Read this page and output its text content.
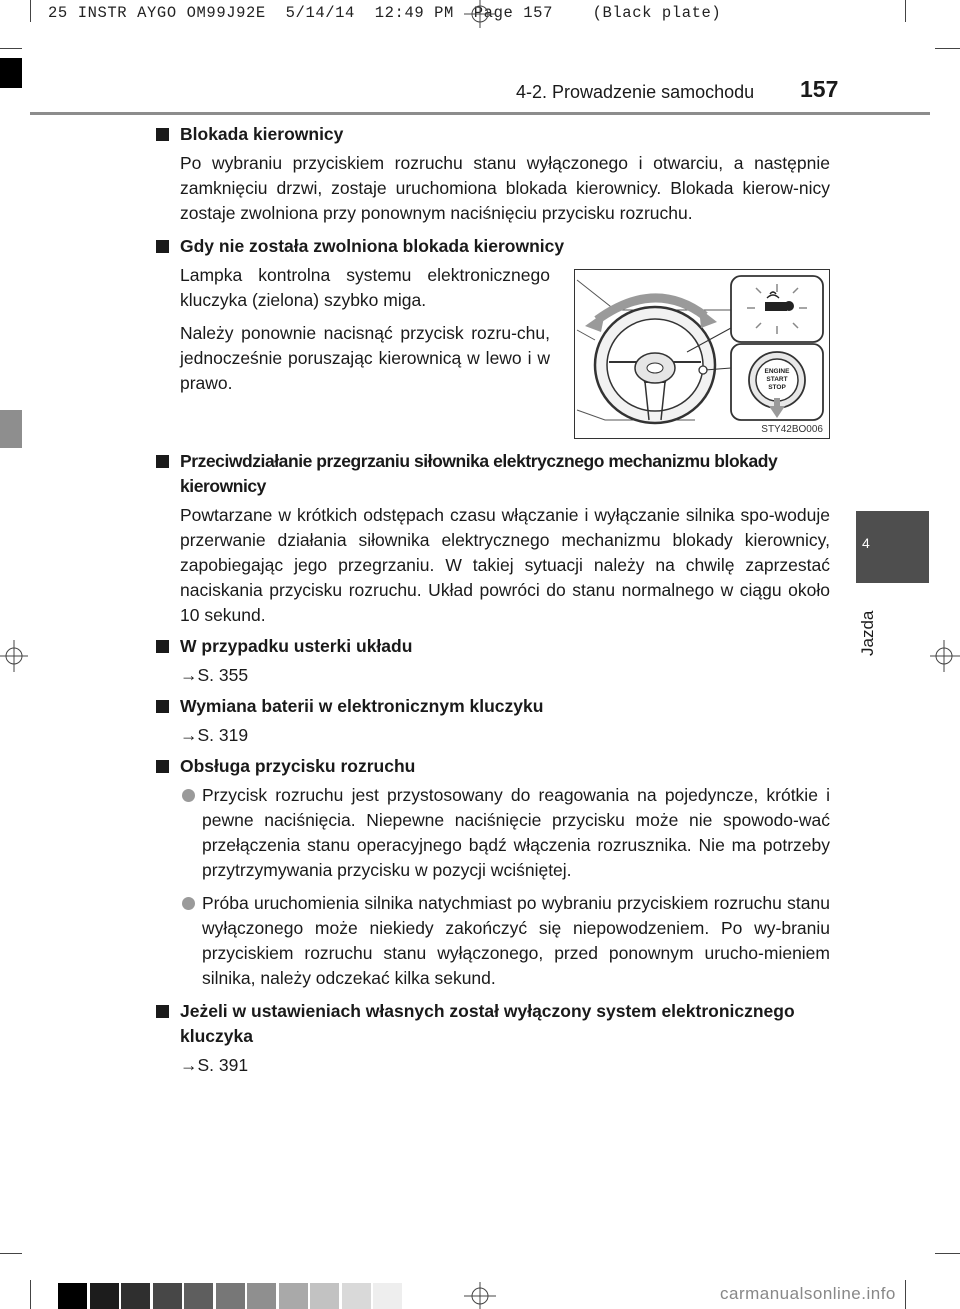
25 INSTR AYGO OM99J92E  5/14/14  12:49 PM  Page 157    (Black plate)
4-2. Prowadzenie samochodu 157
4
Jazda
Blokada kierownicy
Po wybraniu przyciskiem rozruchu stanu wyłączonego i otwarciu, a następnie zamknięciu drzwi, zostaje uruchomiona blokada kierownicy. Blokada kierow-nicy zostaje zwolniona przy ponownym naciśnięciu przycisku rozruchu.
Gdy nie została zwolniona blokada kierownicy

Lampka kontrolna systemu elektronicznego kluczyka (zielona) szybko miga.

Należy ponownie nacisnąć przycisk rozru-chu, jednocześnie poruszając kierownicą w lewo i w prawo.

ENGINE
START
STOP
STY42BO006
Przeciwdziałanie przegrzaniu siłownika elektrycznego mechanizmu blokady kierownicy
Powtarzane w krótkich odstępach czasu włączanie i wyłączanie silnika spo-woduje przerwanie działania siłownika elektrycznego mechanizmu blokady kierownicy, zapobiegając jego przegrzaniu. W takiej sytuacji należy na chwilę zaprzestać naciskania przycisku rozruchu. Układ powróci do stanu normalnego w ciągu około 10 sekund.
W przypadku usterki układu
→S. 355
Wymiana baterii w elektronicznym kluczyku
→S. 319
Obsługa przycisku rozruchu
Przycisk rozruchu jest przystosowany do reagowania na pojedyncze, krótkie i pewne naciśnięcia. Niepewne naciśnięcie przycisku może nie spowodo-wać przełączenia stanu operacyjnego bądź włączenia rozrusznika. Nie ma potrzeby przytrzymywania przycisku w pozycji wciśniętej.
Próba uruchomienia silnika natychmiast po wybraniu przyciskiem rozruchu stanu wyłączonego może niekiedy zakończyć się niepowodzeniem. Po wy-braniu przyciskiem rozruchu stanu wyłączonego, przed ponownym urucho-mieniem silnika, należy odczekać kilka sekund.
Jeżeli w ustawieniach własnych został wyłączony system elektronicznego kluczyka
→S. 391
carmanualsonline.info
